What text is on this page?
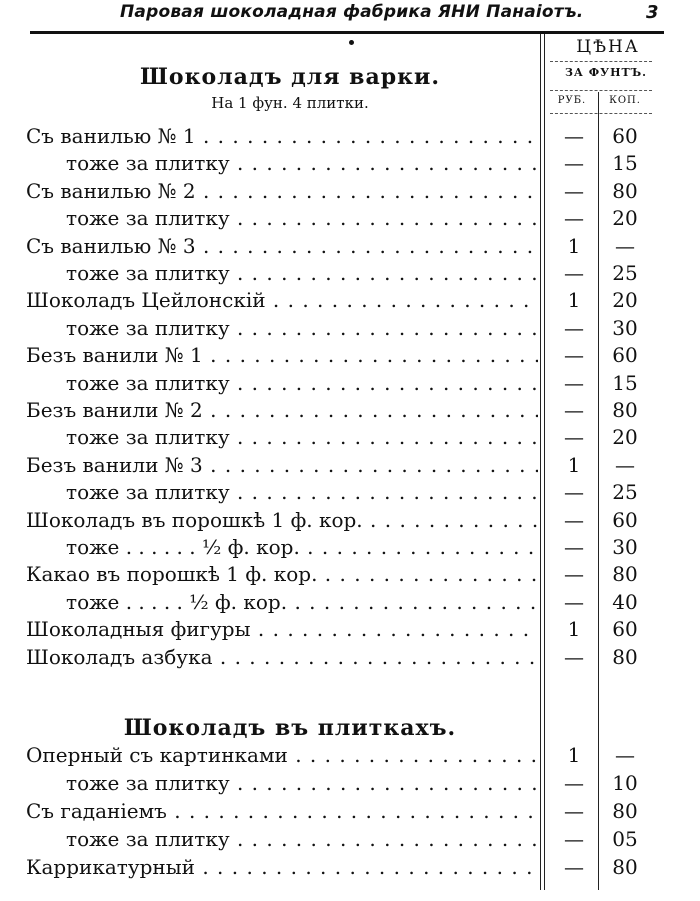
Паровая шоколадная фабрика ЯНИ Панаіотъ.	3
ЦѢНА
ЗА ФУНТЪ.
РУБ.	КОП.
Шоколадъ для варки.
На 1 фун. 4 плитки.
Съ ванилью № 1 . . .	—	60
тоже за плитку . . .	—	15
Съ ванилью № 2 . . .	—	80
тоже за плитку . . .	—	20
Съ ванилью № 3 . . .	1	—
тоже за плитку . . .	—	25
Шоколадъ Цейлонскій . . .	1	20
тоже за плитку . . .	—	30
Безъ ванили № 1 . . .	—	60
тоже за плитку . . .	—	15
Безъ ванили № 2 . . .	—	80
тоже за плитку . . .	—	20
Безъ ванили № 3 . . .	1	—
тоже за плитку . . .	—	25
Шоколадъ въ порошкѣ 1 ф. кор. . . .	—	60
тоже . . . . . . ½ ф. кор. . . .	—	30
Какао въ порошкѣ 1 ф. кор. . . .	—	80
тоже . . . . . ½ ф. кор. . . .	—	40
Шоколадныя фигуры . . .	1	60
Шоколадъ азбука . . .	—	80
Шоколадъ въ плиткахъ.
Оперный съ картинками . . .	1	—
тоже за плитку . . .	—	10
Съ гаданіемъ . . .	—	80
тоже за плитку . . .	—	05
Каррикатурный . . .	—	80
